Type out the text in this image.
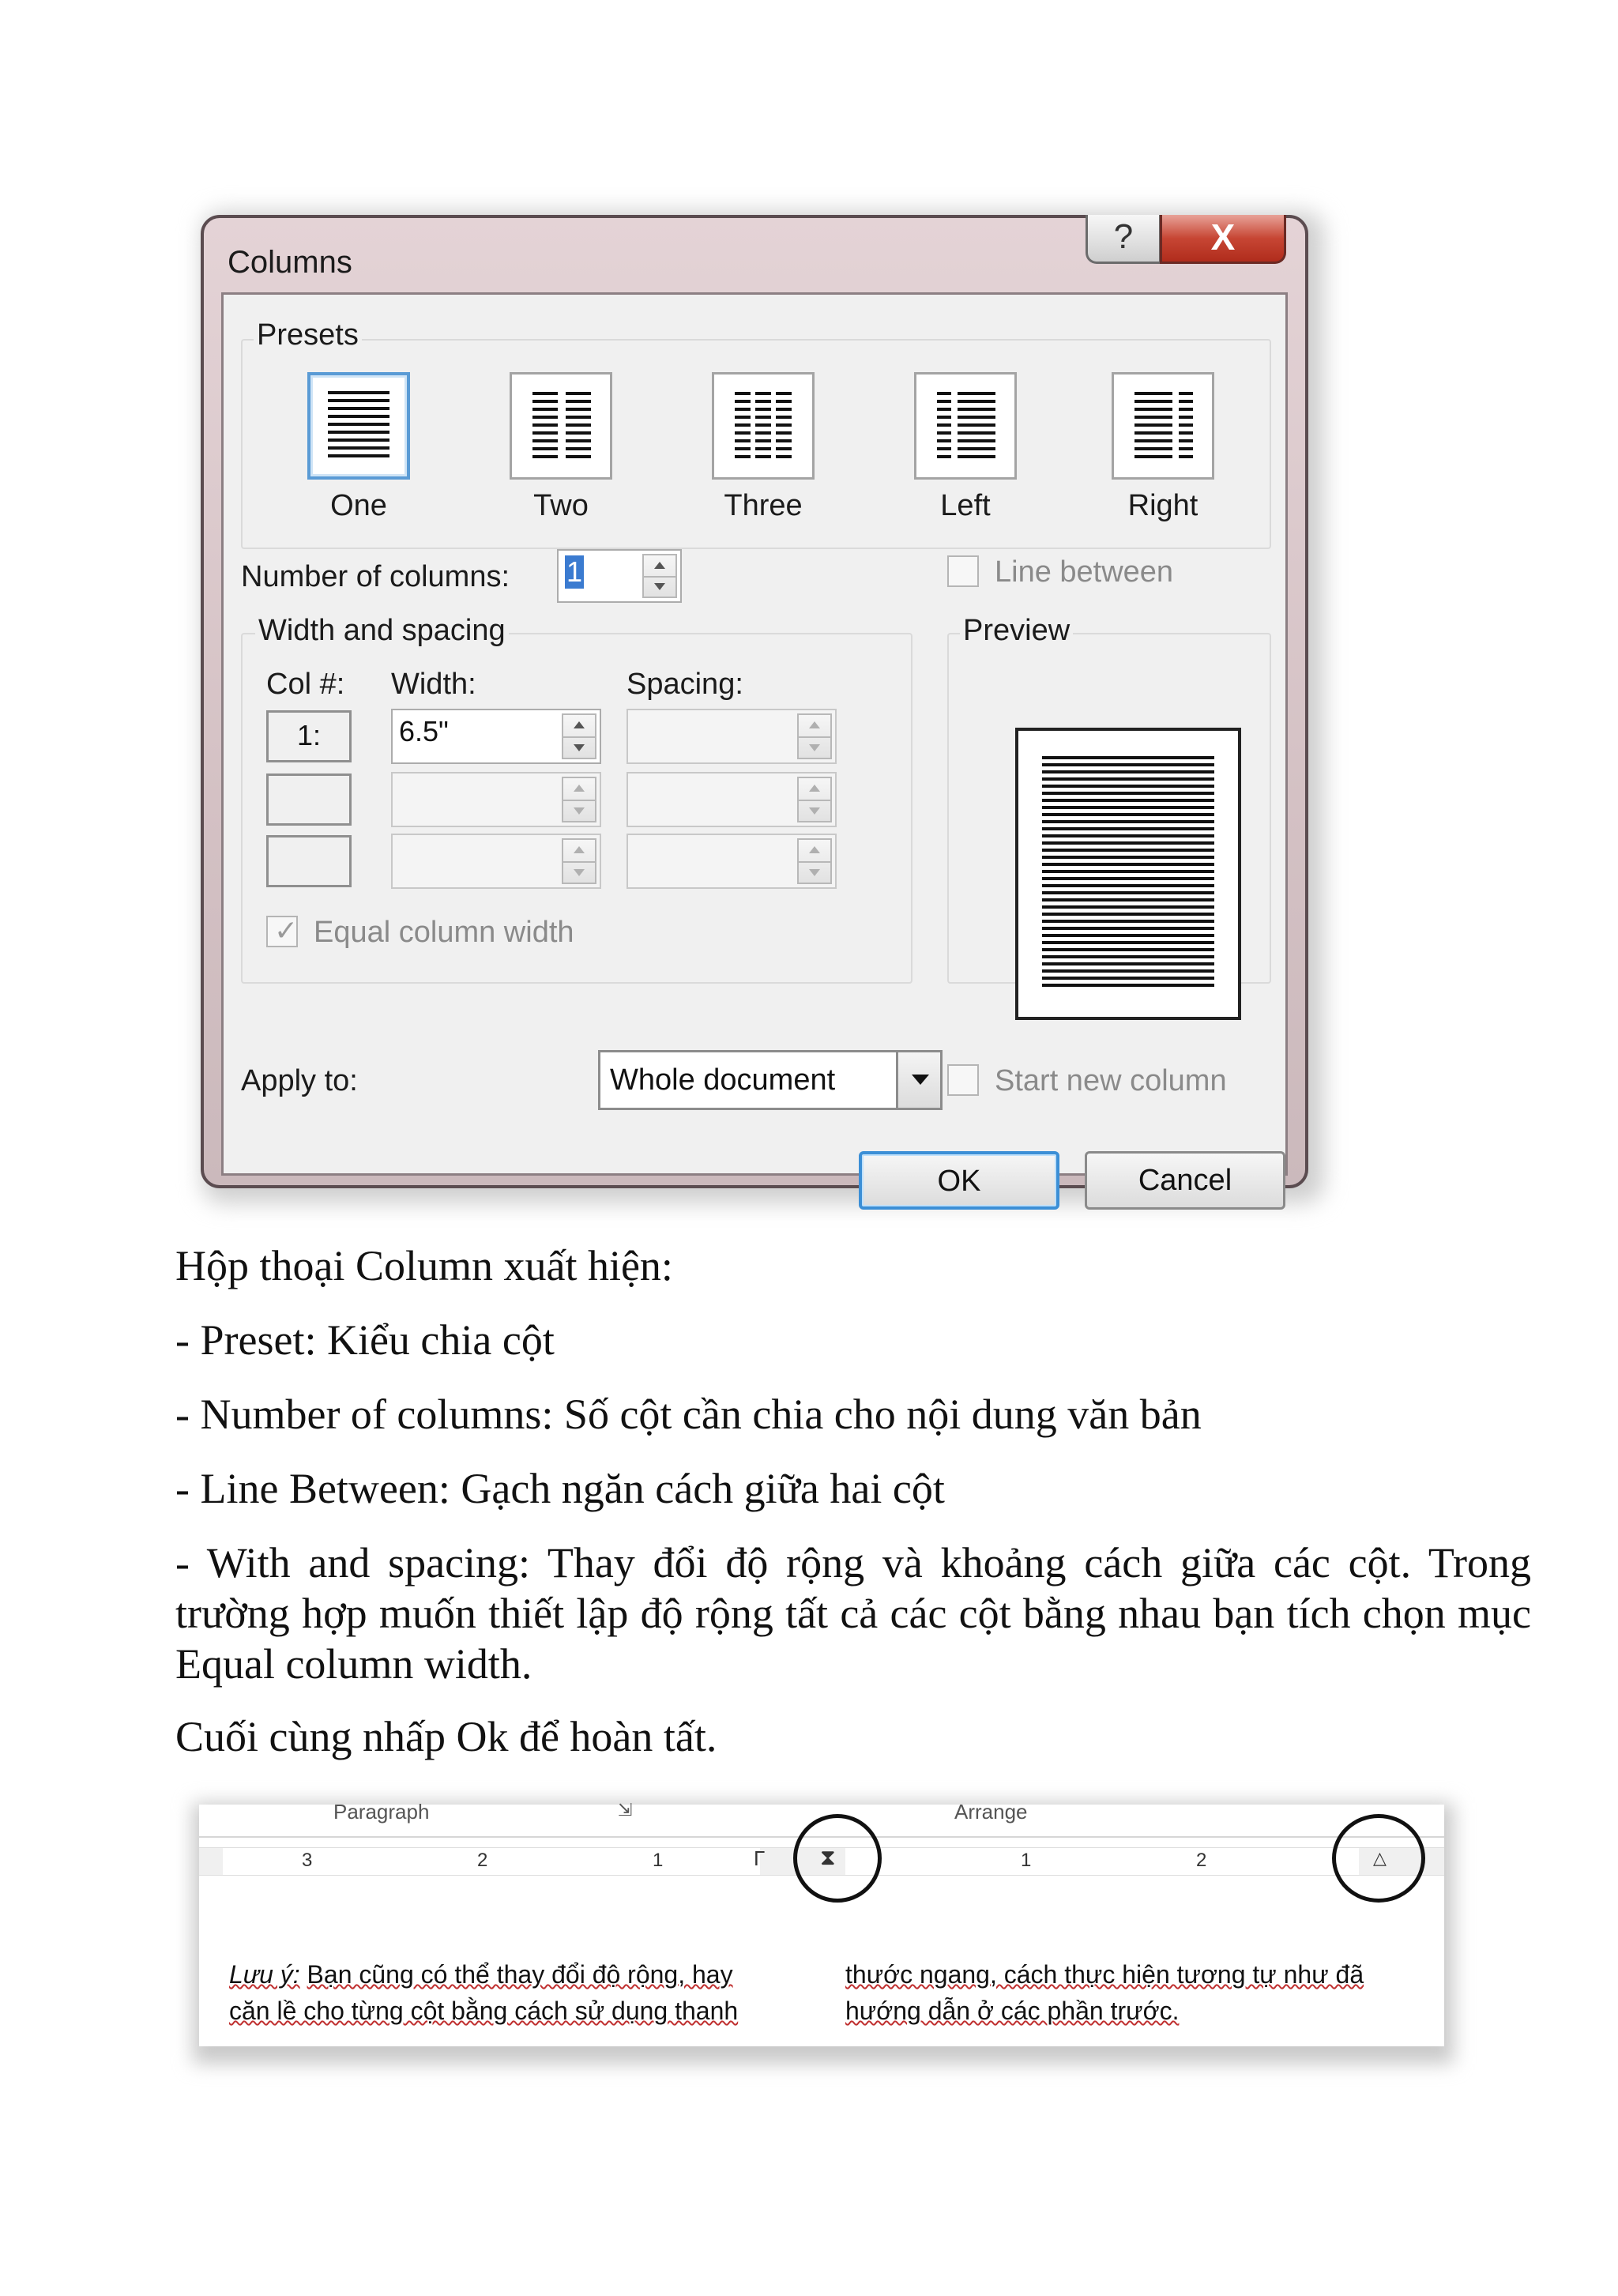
Columns
?	X
Presets
One	Two	Three	Left	Right
Number of columns: 1	Line between
Width and spacing
Col #: Width:	Spacing:
1:	6.5"
✓ Equal column width
Preview
Apply to:	Whole document	Start new column
OK	Cancel
Hộp thoại Column xuất hiện:
- Preset: Kiểu chia cột
- Number of columns: Số cột cần chia cho nội dung văn bản
- Line Between: Gạch ngăn cách giữa hai cột
- With and spacing: Thay đổi độ rộng và khoảng cách giữa các cột. Trong trường hợp muốn thiết lập độ rộng tất cả các cột bằng nhau bạn tích chọn mục Equal column width.
Cuối cùng nhấp Ok để hoàn tất.
Paragraph	⇲	Arrange
3	2	1	1	2
Γ ⧗	△
Lưu ý: Bạn cũng có thể thay đổi độ rộng, hay
căn lề cho từng cột bằng cách sử dụng thanh
thước ngang, cách thực hiện tương tự như đã
hướng dẫn ở các phần trước.
